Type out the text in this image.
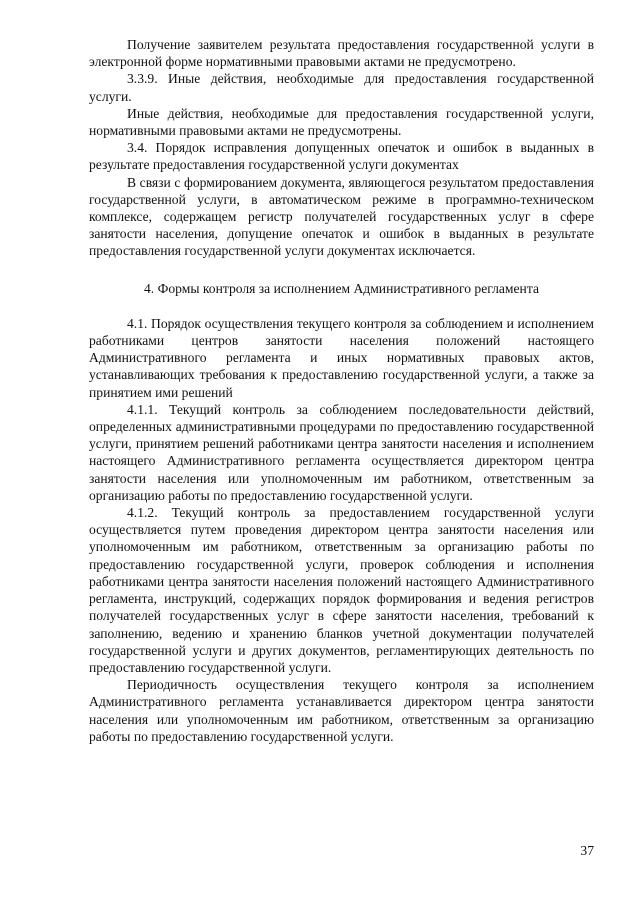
Получение заявителем результата предоставления государственной услуги в электронной форме нормативными правовыми актами не предусмотрено.

3.3.9. Иные действия, необходимые для предоставления государственной услуги.

Иные действия, необходимые для предоставления государственной услуги, нормативными правовыми актами не предусмотрены.

3.4. Порядок исправления допущенных опечаток и ошибок в выданных в результате предоставления государственной услуги документах

В связи с формированием документа, являющегося результатом предоставления государственной услуги, в автоматическом режиме в программно-техническом комплексе, содержащем регистр получателей государственных услуг в сфере занятости населения, допущение опечаток и ошибок в выданных в результате предоставления государственной услуги документах исключается.

4. Формы контроля за исполнением Административного регламента

4.1. Порядок осуществления текущего контроля за соблюдением и исполнением работниками центров занятости населения положений настоящего Административного регламента и иных нормативных правовых актов, устанавливающих требования к предоставлению государственной услуги, а также за принятием ими решений

4.1.1. Текущий контроль за соблюдением последовательности действий, определенных административными процедурами по предоставлению государственной услуги, принятием решений работниками центра занятости населения и исполнением настоящего Административного регламента осуществляется директором центра занятости населения или уполномоченным им работником, ответственным за организацию работы по предоставлению государственной услуги.

4.1.2. Текущий контроль за предоставлением государственной услуги осуществляется путем проведения директором центра занятости населения или уполномоченным им работником, ответственным за организацию работы по предоставлению государственной услуги, проверок соблюдения и исполнения работниками центра занятости населения положений настоящего Административного регламента, инструкций, содержащих порядок формирования и ведения регистров получателей государственных услуг в сфере занятости населения, требований к заполнению, ведению и хранению бланков учетной документации получателей государственной услуги и других документов, регламентирующих деятельность по предоставлению государственной услуги.

Периодичность осуществления текущего контроля за исполнением Административного регламента устанавливается директором центра занятости населения или уполномоченным им работником, ответственным за организацию работы по предоставлению государственной услуги.

37
